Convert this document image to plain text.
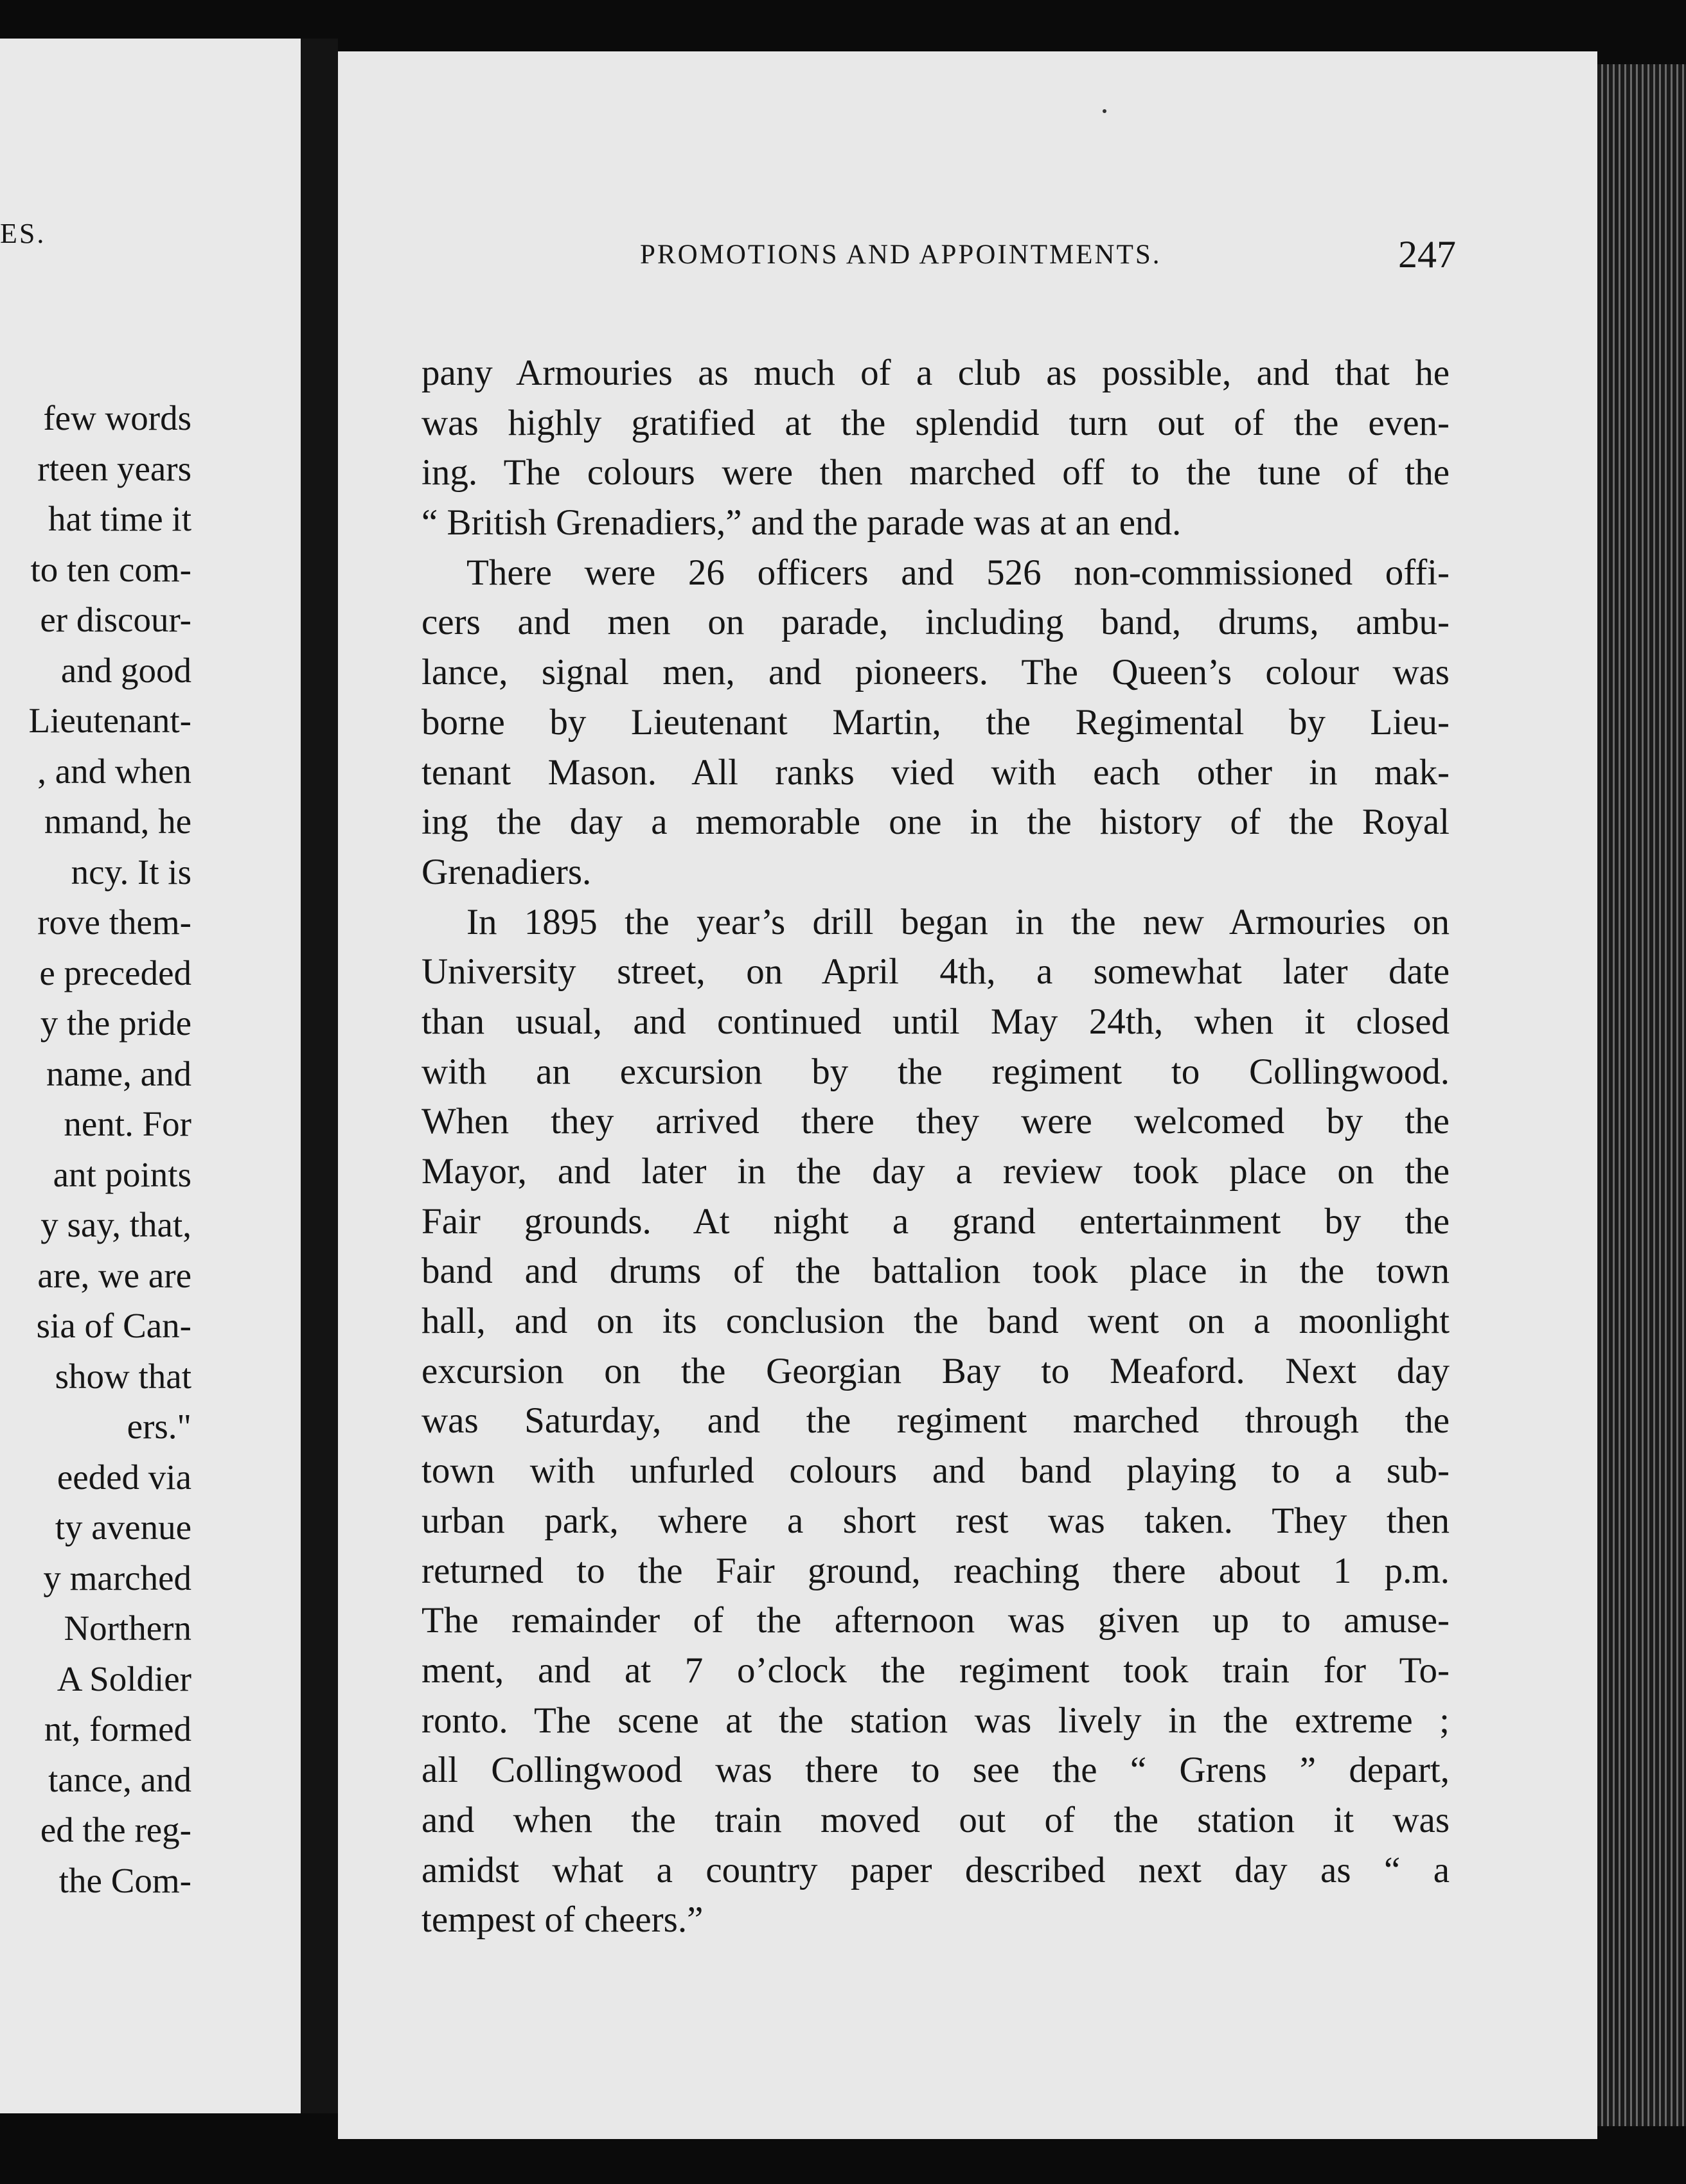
ES.
few words
rteen years
hat time it
to ten com-
er discour-
and good
Lieutenant-
, and when
nmand, he
ncy. It is
rove them-
e preceded
y the pride
name, and
nent. For
ant points
y say, that,
are, we are
sia of Can-
show that
ers."
eeded via
ty avenue
y marched
Northern
A Soldier
nt, formed
tance, and
ed the reg-
the Com-
PROMOTIONS AND APPOINTMENTS.	247
pany Armouries as much of a club as possible, and that he
was highly gratified at the splendid turn out of the even-
ing. The colours were then marched off to the tune of the
“ British Grenadiers,” and the parade was at an end.
There were 26 officers and 526 non-commissioned offi-
cers and men on parade, including band, drums, ambu-
lance, signal men, and pioneers. The Queen’s colour was
borne by Lieutenant Martin, the Regimental by Lieu-
tenant Mason. All ranks vied with each other in mak-
ing the day a memorable one in the history of the Royal
Grenadiers.
In 1895 the year’s drill began in the new Armouries on
University street, on April 4th, a somewhat later date
than usual, and continued until May 24th, when it closed
with an excursion by the regiment to Collingwood.
When they arrived there they were welcomed by the
Mayor, and later in the day a review took place on the
Fair grounds. At night a grand entertainment by the
band and drums of the battalion took place in the town
hall, and on its conclusion the band went on a moonlight
excursion on the Georgian Bay to Meaford. Next day
was Saturday, and the regiment marched through the
town with unfurled colours and band playing to a sub-
urban park, where a short rest was taken. They then
returned to the Fair ground, reaching there about 1 p.m.
The remainder of the afternoon was given up to amuse-
ment, and at 7 o’clock the regiment took train for To-
ronto. The scene at the station was lively in the extreme ;
all Collingwood was there to see the “ Grens ” depart,
and when the train moved out of the station it was
amidst what a country paper described next day as “ a
tempest of cheers.”
